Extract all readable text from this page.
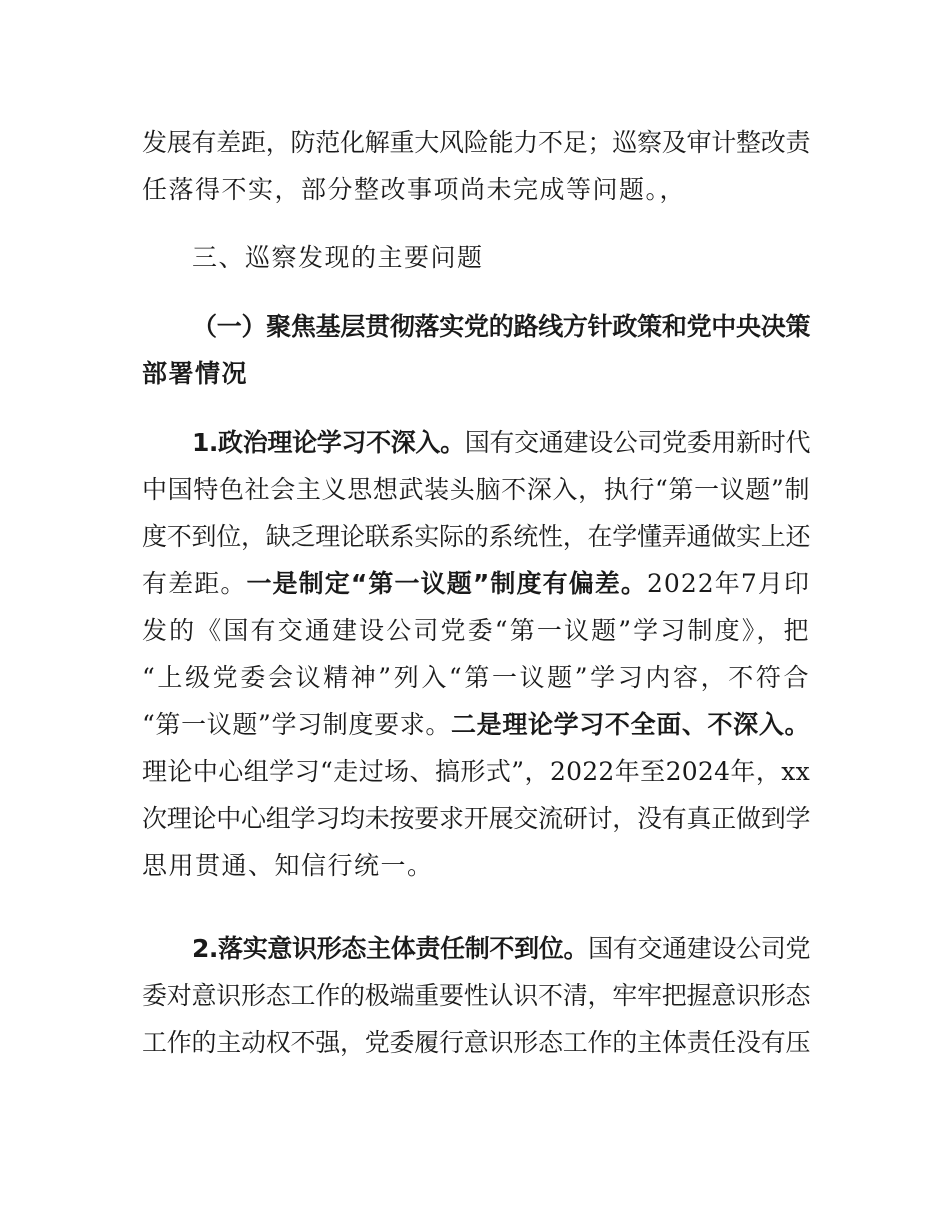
发展有差距，防范化解重大风险能力不足；巡察及审计整改责
任落得不实，部分整改事项尚未完成等问题。，
三、巡察发现的主要问题
（一）聚焦基层贯彻落实党的路线方针政策和党中央决策
部署情况
1.政治理论学习不深入。国有交通建设公司党委用新时代
中国特色社会主义思想武装头脑不深入，执行“第一议题”制
度不到位，缺乏理论联系实际的系统性，在学懂弄通做实上还
有差距。一是制定“第一议题”制度有偏差。2022年7月印
发的《国有交通建设公司党委“第一议题”学习制度》，把
“上级党委会议精神”列入“第一议题”学习内容，不符合
“第一议题”学习制度要求。二是理论学习不全面、不深入。
理论中心组学习“走过场、搞形式”，2022年至2024年，xx
次理论中心组学习均未按要求开展交流研讨，没有真正做到学
思用贯通、知信行统一。
2.落实意识形态主体责任制不到位。国有交通建设公司党
委对意识形态工作的极端重要性认识不清，牢牢把握意识形态
工作的主动权不强，党委履行意识形态工作的主体责任没有压
